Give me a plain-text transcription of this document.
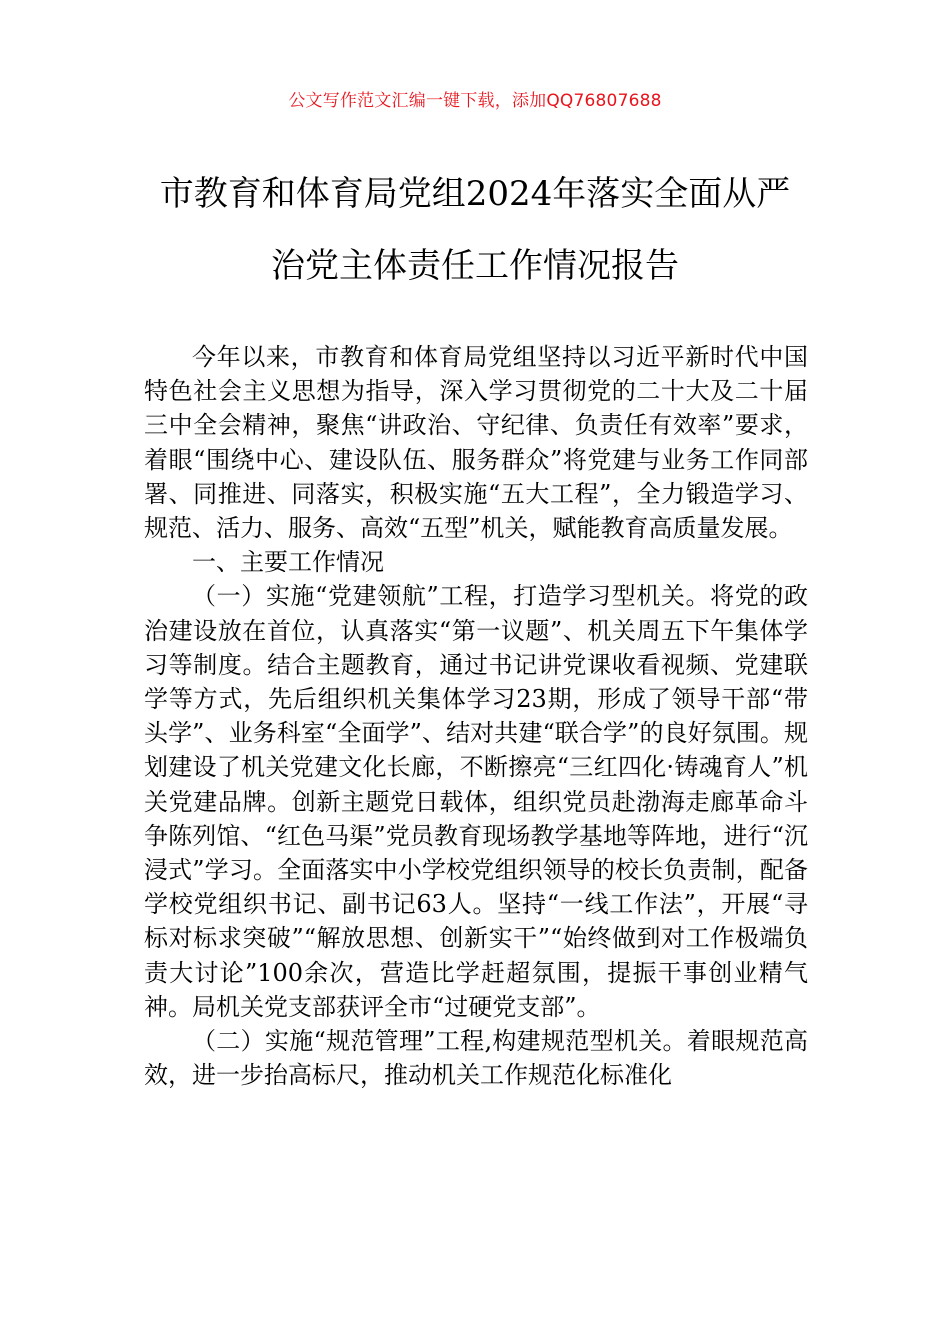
公文写作范文汇编一键下载，添加QQ76807688
市教育和体育局党组2024年落实全面从严
治党主体责任工作情况报告

今年以来，市教育和体育局党组坚持以习近平新时代中国特色社会主义思想为指导，深入学习贯彻党的二十大及二十届三中全会精神，聚焦“讲政治、守纪律、负责任有效率”要求，着眼“围绕中心、建设队伍、服务群众”将党建与业务工作同部署、同推进、同落实，积极实施“五大工程”，全力锻造学习、规范、活力、服务、高效“五型”机关，赋能教育高质量发展。

一、主要工作情况

（一）实施“党建领航”工程，打造学习型机关。将党的政治建设放在首位，认真落实“第一议题”、机关周五下午集体学习等制度。结合主题教育，通过书记讲党课收看视频、党建联学等方式，先后组织机关集体学习23期，形成了领导干部“带头学”、业务科室“全面学”、结对共建“联合学”的良好氛围。规划建设了机关党建文化长廊，不断擦亮“三红四化·铸魂育人”机关党建品牌。创新主题党日载体，组织党员赴渤海走廊革命斗争陈列馆、“红色马渠”党员教育现场教学基地等阵地，进行“沉浸式”学习。全面落实中小学校党组织领导的校长负责制，配备学校党组织书记、副书记63人。坚持“一线工作法”，开展“寻标对标求突破”“解放思想、创新实干”“始终做到对工作极端负责大讨论”100余次，营造比学赶超氛围，提振干事创业精气神。局机关党支部获评全市“过硬党支部”。

（二）实施“规范管理”工程,构建规范型机关。着眼规范高效，进一步抬高标尺，推动机关工作规范化标准化
